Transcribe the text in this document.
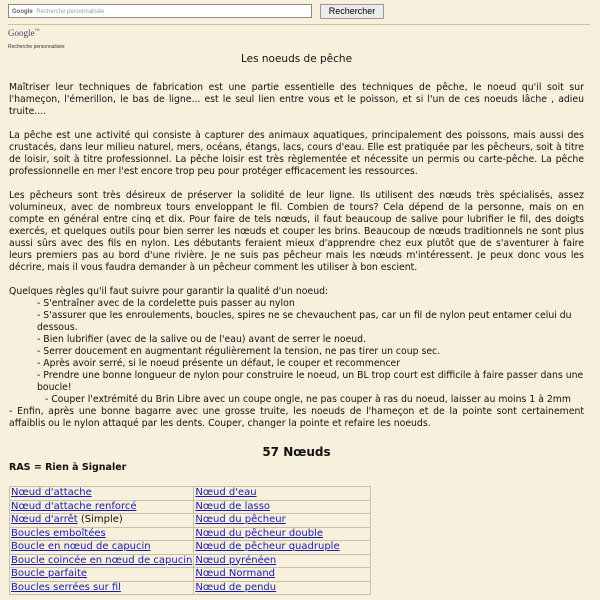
Google Recherche personnalisée	Rechercher
Google™
Recherche personnalisée
Les noeuds de pêche

Maîtriser leur techniques de fabrication est une partie essentielle des techniques de pêche, le noeud qu'il soit sur l'hameçon, l'émerillon, le bas de ligne... est le seul lien entre vous et le poisson, et si l'un de ces noeuds lâche , adieu truite....

La pêche est une activité qui consiste à capturer des animaux aquatiques, principalement des poissons, mais aussi des crustacés, dans leur milieu naturel, mers, océans, étangs, lacs, cours d'eau. Elle est pratiquée par les pêcheurs, soit à titre de loisir, soit à titre professionnel. La pêche loisir est très règlementée et nécessite un permis ou carte-pêche. La pêche professionnelle en mer l'est encore trop peu pour protéger efficacement les ressources.

Les pêcheurs sont très désireux de préserver la solidité de leur ligne. Ils utilisent des nœuds très spécialisés, assez volumineux, avec de nombreux tours enveloppant le fil. Combien de tours? Cela dépend de la personne, mais on en compte en général entre cinq et dix. Pour faire de tels nœuds, il faut beaucoup de salive pour lubrifier le fil, des doigts exercés, et quelques outils pour bien serrer les nœuds et couper les brins. Beaucoup de nœuds traditionnels ne sont plus aussi sûrs avec des fils en nylon. Les débutants feraient mieux d'apprendre chez eux plutôt que de s'aventurer à faire leurs premiers pas au bord d'une rivière. Je ne suis pas pêcheur mais les nœuds m'intéressent. Je peux donc vous les décrire, mais il vous faudra demander à un pêcheur comment les utiliser à bon escient.

Quelques règles qu'il faut suivre pour garantir la qualité d'un noeud:
- S'entraîner avec de la cordelette puis passer au nylon
- S'assurer que les enroulements, boucles, spires ne se chevauchent pas, car un fil de nylon peut entamer celui du dessous.
- Bien lubrifier (avec de la salive ou de l'eau) avant de serrer le noeud.
- Serrer doucement en augmentant régulièrement la tension, ne pas tirer un coup sec.
- Après avoir serré, si le noeud présente un défaut, le couper et recommencer
- Prendre une bonne longueur de nylon pour construire le noeud, un BL trop court est difficile à faire passer dans une boucle!
- Couper l'extrémité du Brin Libre avec un coupe ongle, ne pas couper à ras du noeud, laisser au moins 1 à 2mm
- Enfin, après une bonne bagarre avec une grosse truite, les noeuds de l'hameçon et de la pointe sont certainement affaiblis ou le nylon attaqué par les dents. Couper, changer la pointe et refaire les noeuds.
57 Nœuds
RAS = Rien à Signaler
Nœud d'attache	Nœud d'eau
Nœud d'attache renforcé	Nœud de lasso
Nœud d'arrêt (Simple)	Nœud du pêcheur
Boucles emboîtées	Nœud du pêcheur double
Boucle en nœud de capucin	Nœud de pêcheur quadruple
Boucle coincée en nœud de capucin	Nœud pyrénéen
Boucle parfaite	Nœud Normand
Boucles serrées sur fil	Nœud de pendu
